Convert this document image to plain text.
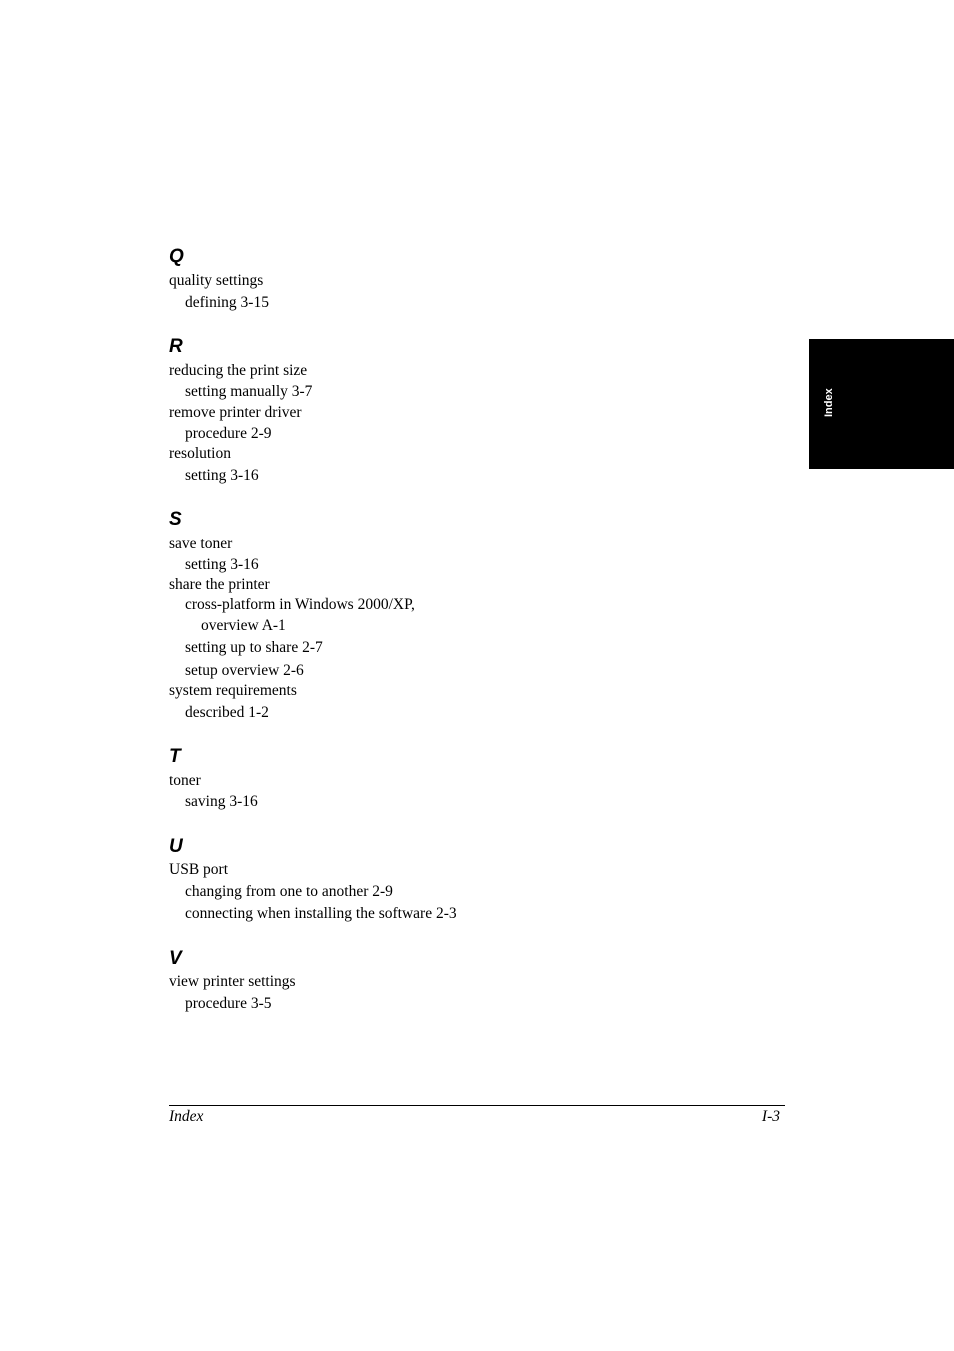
Q
quality settings
defining 3-15
R
reducing the print size
setting manually 3-7
remove printer driver
procedure 2-9
resolution
setting 3-16
S
save toner
setting 3-16
share the printer
cross-platform in Windows 2000/XP,
overview A-1
setting up to share 2-7
setup overview 2-6
system requirements
described 1-2
T
toner
saving 3-16
U
USB port
changing from one to another 2-9
connecting when installing the software 2-3
V
view printer settings
procedure 3-5
Index
Index	I-3
